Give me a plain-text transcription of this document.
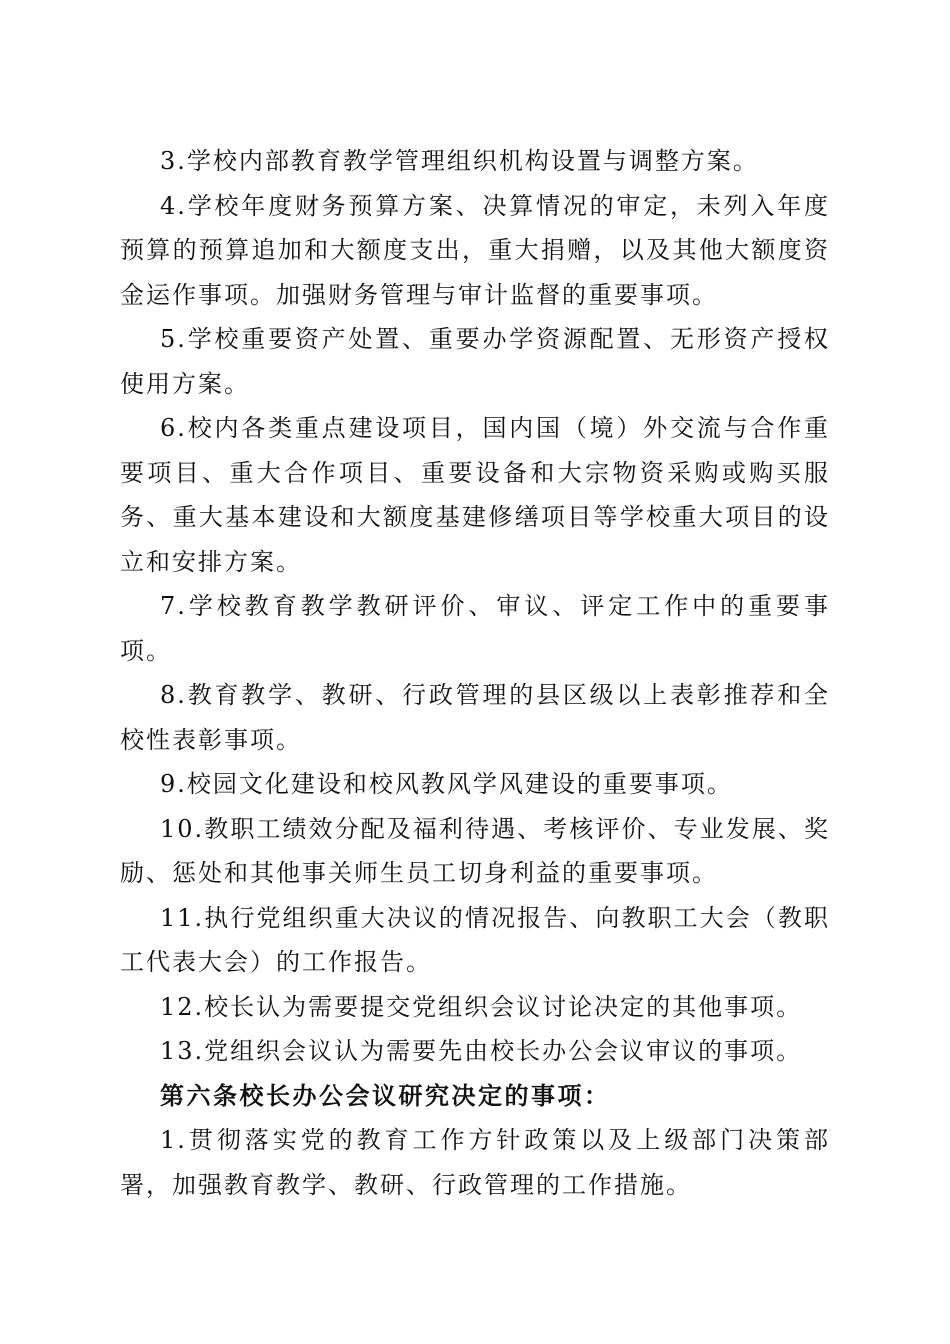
3.学校内部教育教学管理组织机构设置与调整方案。

4.学校年度财务预算方案、决算情况的审定，未列入年度预算的预算追加和大额度支出，重大捐赠，以及其他大额度资金运作事项。加强财务管理与审计监督的重要事项。

5.学校重要资产处置、重要办学资源配置、无形资产授权使用方案。

6.校内各类重点建设项目，国内国（境）外交流与合作重要项目、重大合作项目、重要设备和大宗物资采购或购买服务、重大基本建设和大额度基建修缮项目等学校重大项目的设立和安排方案。

7.学校教育教学教研评价、审议、评定工作中的重要事项。

8.教育教学、教研、行政管理的县区级以上表彰推荐和全校性表彰事项。

9.校园文化建设和校风教风学风建设的重要事项。

10.教职工绩效分配及福利待遇、考核评价、专业发展、奖励、惩处和其他事关师生员工切身利益的重要事项。

11.执行党组织重大决议的情况报告、向教职工大会（教职工代表大会）的工作报告。

12.校长认为需要提交党组织会议讨论决定的其他事项。

13.党组织会议认为需要先由校长办公会议审议的事项。

第六条校长办公会议研究决定的事项：

1.贯彻落实党的教育工作方针政策以及上级部门决策部署，加强教育教学、教研、行政管理的工作措施。
